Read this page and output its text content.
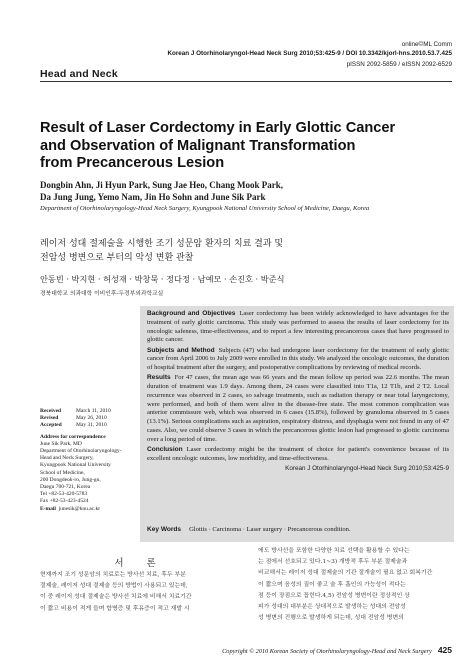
online©ML Comm
Korean J Otorhinolaryngol-Head Neck Surg 2010;53:425-9 / DOI 10.3342/kjorl-hns.2010.53.7.425
pISSN 2092-5859 / eISSN 2092-6529
Head and Neck
Result of Laser Cordectomy in Early Glottic Cancer
and Observation of Malignant Transformation
from Precancerous Lesion
Dongbin Ahn, Ji Hyun Park, Sung Jae Heo, Chang Mook Park,
Da Jung Jung, Yemo Nam, Jin Ho Sohn and June Sik Park
Department of Otorhinolaryngology-Head Neck Surgery, Kyungpook National University School of Medicine, Daegu, Korea
레이저 성대 절제술을 시행한 조기 성문암 환자의 치료 결과 및
전암성 병변으로 부터의 악성 변환 관찰
안동빈 · 박지현 · 허성재 · 박창묵 · 정다정 · 남예모 · 손진호 · 박준식
경북대학교 의과대학 이비인후-두경부외과학교실

Background and Objectives Laser cordectomy has been widely acknowledged to have advantages for the treatment of early glottic carcinoma. This study was performed to assess the results of laser cordectomy for its oncologic safeness, time-effectiveness, and to report a few interesting precancerous cases that have progressed to glottic cancer.

Subjects and Method Subjects (47) who had undergone laser cordectomy for the treatment of early glottic cancer from April 2006 to July 2009 were enrolled in this study. We analyzed the oncologic outcomes, the duration of hospital treatment after the surgery, and postoperative complications by reviewing of medical records.

Results For 47 cases, the mean age was 66 years and the mean follow up period was 22.6 months. The mean duration of treatment was 1.9 days. Among them, 24 cases were classified into T1a, 12 T1b, and 2 T2. Local recurrence was observed in 2 cases, so salvage treatments, such as radiation therapy or near total laryngectomy, were performed, and both of them were alive in the disease-free state. The most common complication was anterior commissure web, which was observed in 6 cases (15.8%), followed by granuloma observed in 5 cases (13.1%). Serious complications such as aspiration, respiratory distress, and dysphagia were not found in any of 47 cases. Also, we could observe 3 cases in which the precancerous glottic lesion had progressed to glottic carcinoma over a long period of time.

Conclusion Laser cordectomy might be the treatment of choice for patient's convenience because of its excellent oncologic outcomes, low morbidity, and time-effectiveness.

Korean J Otorhinolaryngol-Head Neck Surg 2010;53:425-9

Key Words Glottis · Carcinoma · Laser surgery · Precancerous condition.
Received	March 11, 2010
Revised	May 26, 2010
Accepted	May 31, 2010
Address for correspondence
June Sik Park, MD
Department of Otorhinolaryngology-
Head and Neck Surgery,
Kyungpook National University
School of Medicine,
200 Dongdeok-ro, Jung-gu,
Daegu 700-721, Korea
Tel +82-53-420-5783
Fax +82-53-423-4524
E-mail junesik@knu.ac.kr
서 론
현재까지 조기 성문암의 치료로는 방사선 치료, 후두 부분
절제술, 레이저 성대 절제술 등의 방법이 사용되고 있는데,
이 중 레이저 성대 절제술은 방사선 치료에 비해서 치료기간
이 짧고 비용이 적게 들며 합병증 및 후유증이 적고 재발 시
에도 방사선을 포함한 다양한 치료 선택을 활용할 수 있다는
는 점에서 선호되고 있다.1~3) 개방적 후두 부분 절제술과
비교해서는 레이저 성대 절제술의 기관 절개술이 필요 없고 회복기간
이 짧으며 음성의 질이 좋고 술 후 흡인의 가능성이 적다는
점 등이 장점으로 꼽힌다.4,5) 전암성 병변이란 정상적인 상
피가 성대의 대부분은 상대적으로 발생하는 성대의 전암성
성 병변의 진행으로 발생하게 되는데, 성대 전암성 병변의
Copyright © 2010 Korean Society of Otorhinolaryngology-Head and Neck Surgery 425
